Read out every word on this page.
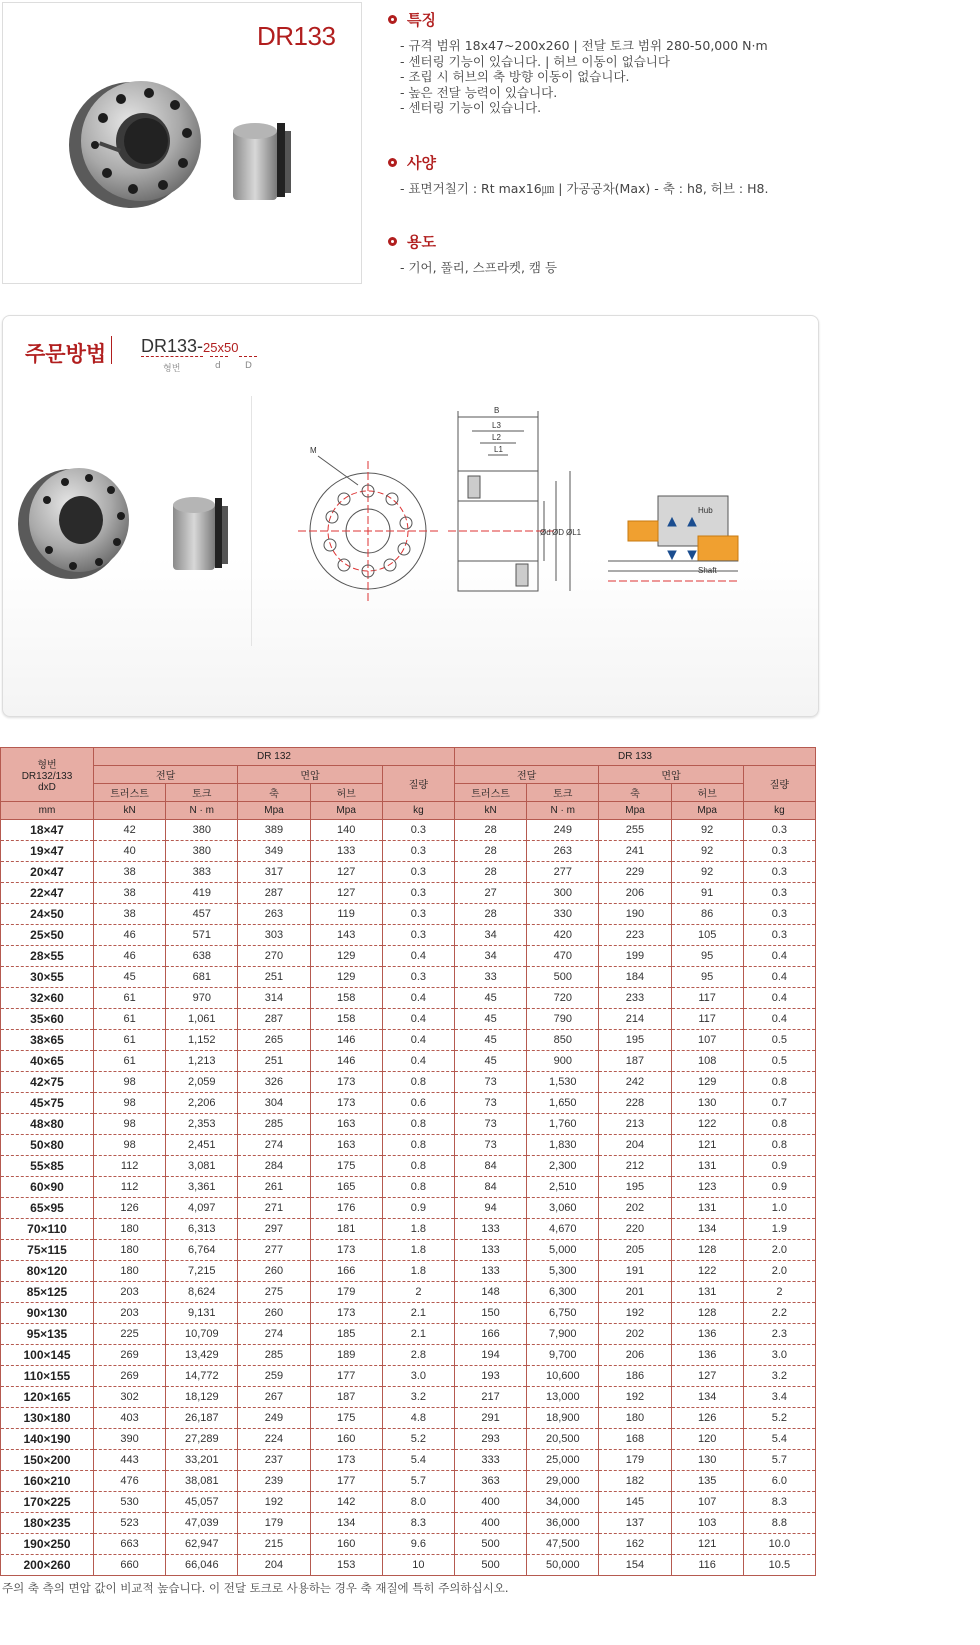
DR133
특징
- 규격 범위 18x47~200x260 | 전달 토크 범위 280-50,000 N·m
- 센터링 기능이 있습니다. | 허브 이동이 없습니다
- 조립 시 허브의 축 방향 이동이 없습니다.
- 높은 전달 능력이 있습니다.
- 센터링 기능이 있습니다.
사양
- 표면거칠기 : Rt max16㎛ | 가공공차(Max) - 축 : h8, 허브 : H8.
용도
- 기어, 풀리, 스프라켓, 캠 등
주문방법 DR133-25x50
형번	d	D
M
B
L3
L2
L1
Ød ØD ØL1
Hub
Shaft
형번
DR132/133
dxD	DR 132					DR 133				
	전달		면압		질량	전달		면압		질량
	트러스트	토크	축	허브		트러스트	토크	축	허브	
mm	kN	N · m	Mpa	Mpa	kg	kN	N · m	Mpa	Mpa	kg
18×47	42	380	389	140	0.3	28	249	255	92	0.3
19×47	40	380	349	133	0.3	28	263	241	92	0.3
20×47	38	383	317	127	0.3	28	277	229	92	0.3
22×47	38	419	287	127	0.3	27	300	206	91	0.3
24×50	38	457	263	119	0.3	28	330	190	86	0.3
25×50	46	571	303	143	0.3	34	420	223	105	0.3
28×55	46	638	270	129	0.4	34	470	199	95	0.4
30×55	45	681	251	129	0.3	33	500	184	95	0.4
32×60	61	970	314	158	0.4	45	720	233	117	0.4
35×60	61	1,061	287	158	0.4	45	790	214	117	0.4
38×65	61	1,152	265	146	0.4	45	850	195	107	0.5
40×65	61	1,213	251	146	0.4	45	900	187	108	0.5
42×75	98	2,059	326	173	0.8	73	1,530	242	129	0.8
45×75	98	2,206	304	173	0.6	73	1,650	228	130	0.7
48×80	98	2,353	285	163	0.8	73	1,760	213	122	0.8
50×80	98	2,451	274	163	0.8	73	1,830	204	121	0.8
55×85	112	3,081	284	175	0.8	84	2,300	212	131	0.9
60×90	112	3,361	261	165	0.8	84	2,510	195	123	0.9
65×95	126	4,097	271	176	0.9	94	3,060	202	131	1.0
70×110	180	6,313	297	181	1.8	133	4,670	220	134	1.9
75×115	180	6,764	277	173	1.8	133	5,000	205	128	2.0
80×120	180	7,215	260	166	1.8	133	5,300	191	122	2.0
85×125	203	8,624	275	179	2	148	6,300	201	131	2
90×130	203	9,131	260	173	2.1	150	6,750	192	128	2.2
95×135	225	10,709	274	185	2.1	166	7,900	202	136	2.3
100×145	269	13,429	285	189	2.8	194	9,700	206	136	3.0
110×155	269	14,772	259	177	3.0	193	10,600	186	127	3.2
120×165	302	18,129	267	187	3.2	217	13,000	192	134	3.4
130×180	403	26,187	249	175	4.8	291	18,900	180	126	5.2
140×190	390	27,289	224	160	5.2	293	20,500	168	120	5.4
150×200	443	33,201	237	173	5.4	333	25,000	179	130	5.7
160×210	476	38,081	239	177	5.7	363	29,000	182	135	6.0
170×225	530	45,057	192	142	8.0	400	34,000	145	107	8.3
180×235	523	47,039	179	134	8.3	400	36,000	137	103	8.8
190×250	663	62,947	215	160	9.6	500	47,500	162	121	10.0
200×260	660	66,046	204	153	10	500	50,000	154	116	10.5
주의 축 측의 면압 값이 비교적 높습니다. 이 전달 토크로 사용하는 경우 축 재질에 특히 주의하십시오.
